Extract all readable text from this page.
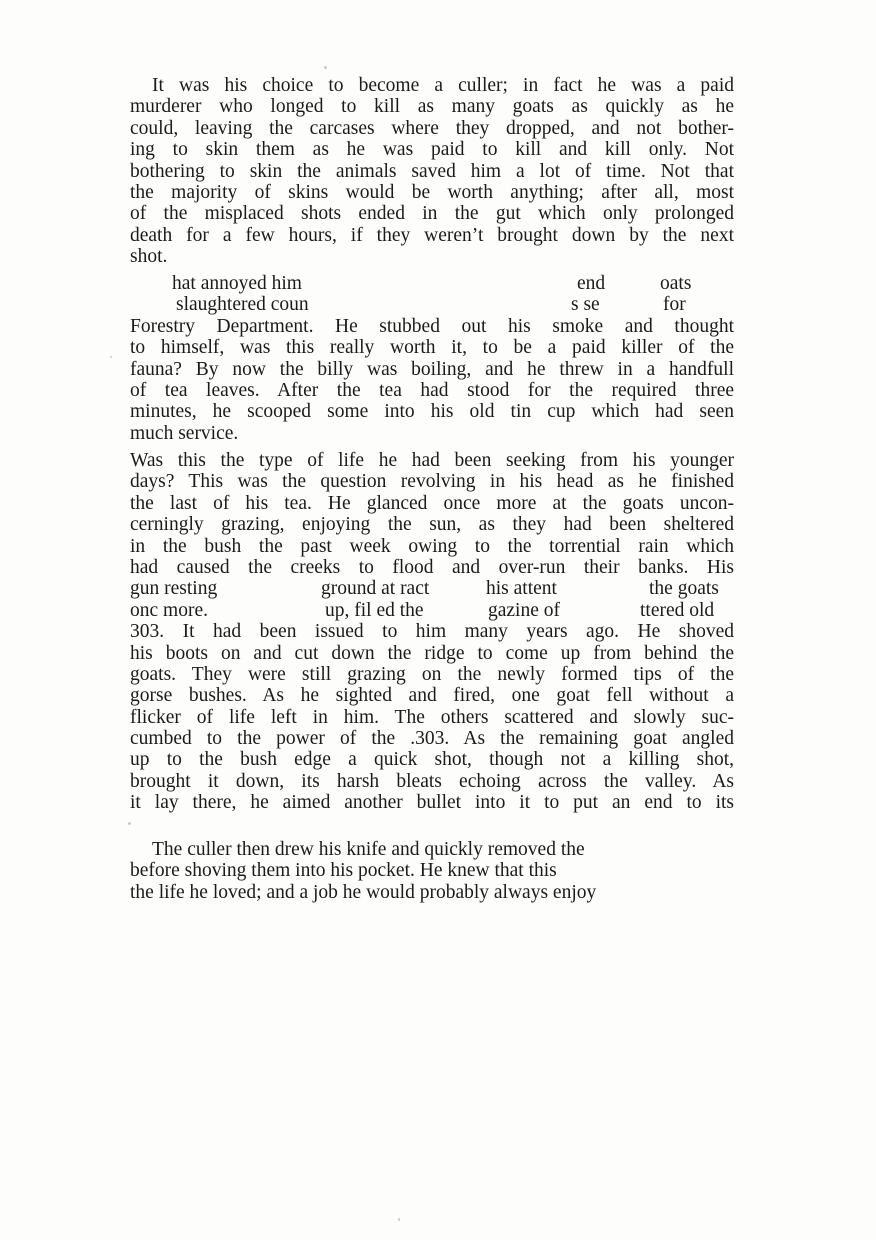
It was his choice to become a culler; in fact he was a paid
murderer who longed to kill as many goats as quickly as he
could, leaving the carcases where they dropped, and not bother-
ing to skin them as he was paid to kill and kill only. Not
bothering to skin the animals saved him a lot of time. Not that
the majority of skins would be worth anything; after all, most
of the misplaced shots ended in the gut which only prolonged
death for a few hours, if they weren’t brought down by the next
shot.
hat annoyed him	end	oats
slaughtered coun	s se	for
Forestry Department. He stubbed out his smoke and thought
to himself, was this really worth it, to be a paid killer of the
fauna? By now the billy was boiling, and he threw in a handfull
of tea leaves. After the tea had stood for the required three
minutes, he scooped some into his old tin cup which had seen
much service.
Was this the type of life he had been seeking from his younger
days? This was the question revolving in his head as he finished
the last of his tea. He glanced once more at the goats uncon-
cerningly grazing, enjoying the sun, as they had been sheltered
in the bush the past week owing to the torrential rain which
had caused the creeks to flood and over-run their banks. His
gun resting	ground at ract	his attent	the goats
onc more.	up, fil ed the	gazine of	ttered old
303. It had been issued to him many years ago. He shoved
his boots on and cut down the ridge to come up from behind the
goats. They were still grazing on the newly formed tips of the
gorse bushes. As he sighted and fired, one goat fell without a
flicker of life left in him. The others scattered and slowly suc-
cumbed to the power of the .303. As the remaining goat angled
up to the bush edge a quick shot, though not a killing shot,
brought it down, its harsh bleats echoing across the valley. As
it lay there, he aimed another bullet into it to put an end to its
The culler then drew his knife and quickly removed the
before shoving them into his pocket. He knew that this
the life he loved; and a job he would probably always enjoy
